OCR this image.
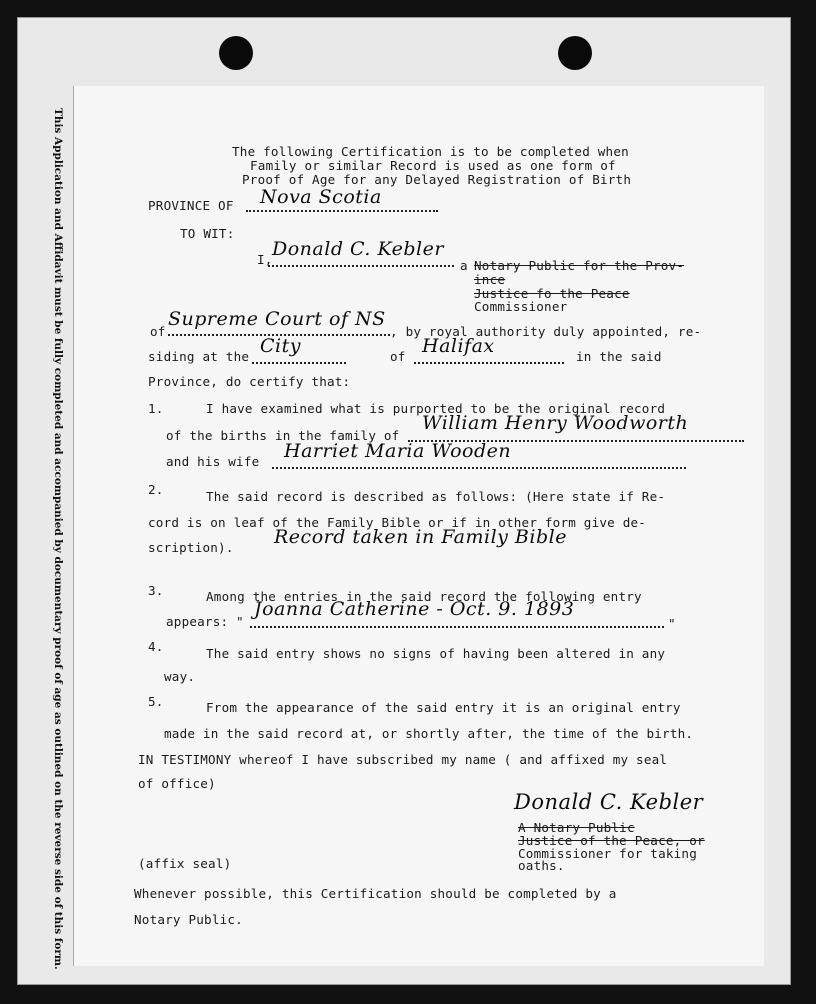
This Application and Affidavit must be fully completed and accompanied by documentary proof of age as outlined on the reverse side of this form.	The following Certification is to be completed when
Family or similar Record is used as one form of
Proof of Age for any Delayed Registration of Birth
PROVINCE OF Nova Scotia
TO WIT:
I, Donald C. Kebler
a Notary Public for the Prov-
ince
Justice fo the Peace
Commissioner
of
Supreme Court of NS
, by royal authority duly appointed, re-
siding at the City	of Halifax	in the said
Province, do certify that:
1.	I have examined what is purported to be the original record
of the births in the family of
William Henry Woodworth
and his wife Harriet Maria Wooden
2.	The said record is described as follows: (Here state if Re-
cord is on leaf of the Family Bible or if in other form give de-
scription). Record taken in Family Bible
3.	Among the entries in the said record the following entry
appears: "
Joanna Catherine - Oct. 9. 1893
"
4.	The said entry shows no signs of having been altered in any
way.
5.	From the appearance of the said entry it is an original entry
made in the said record at, or shortly after, the time of the birth.
IN TESTIMONY whereof I have subscribed my name ( and affixed my seal
of office)
Donald C. Kebler
A Notary Public
Justice of the Peace, or
Commissioner for taking
oaths.
(affix seal)
Whenever possible, this Certification should be completed by a
Notary Public.
